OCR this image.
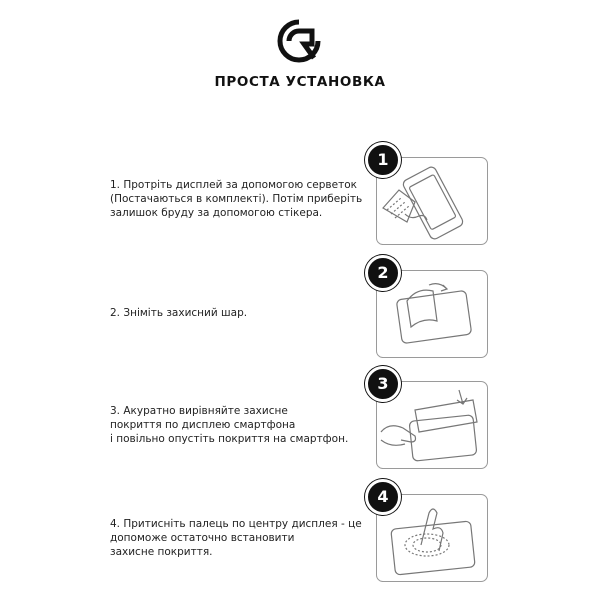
ПРОСТА УСТАНОВКА
1. Протріть дисплей за допомогою серветок
(Постачаються в комплекті). Потім приберіть
залишок бруду за допомогою стікера.
1
2. Зніміть захисний шар.
2
3. Акуратно вирівняйте захисне
покриття по дисплею смартфона
і повільно опустіть покриття на смартфон.
3
4. Притисніть палець по центру дисплея - це
допоможе остаточно встановити
захисне покриття.
4
